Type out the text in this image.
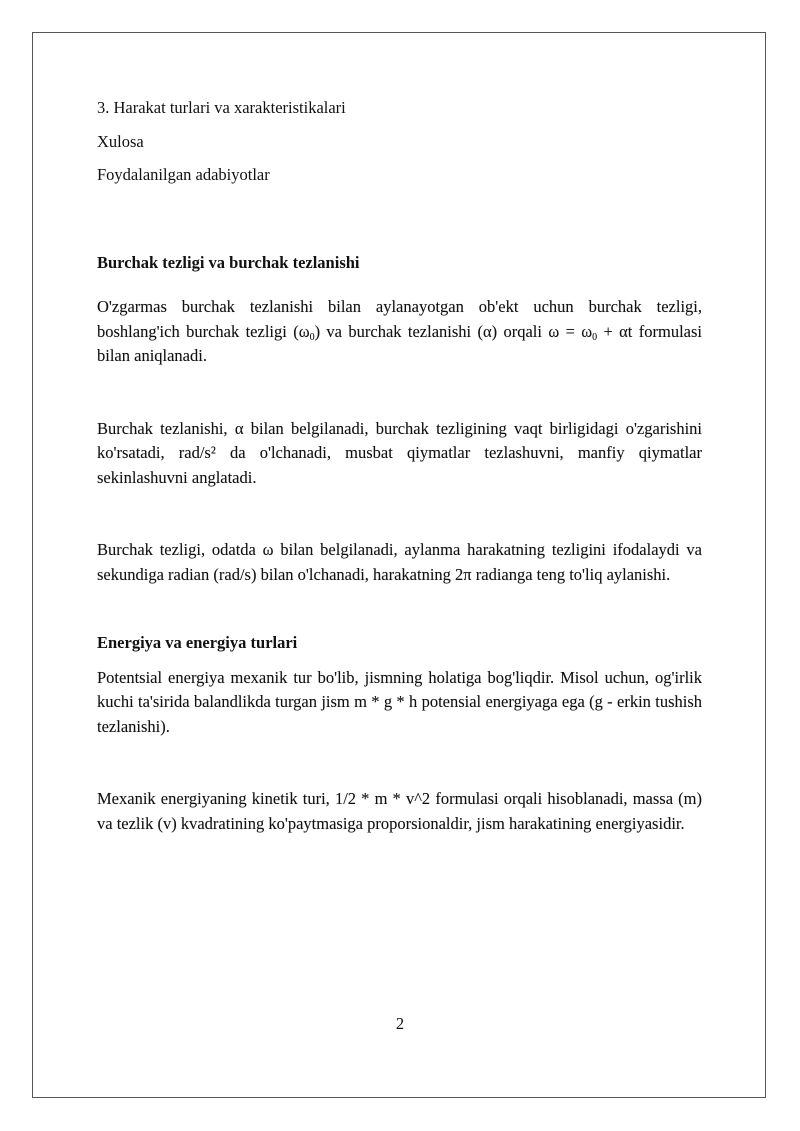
3. Harakat turlari va xarakteristikalari

Xulosa

Foydalanilgan adabiyotlar

Burchak tezligi va burchak tezlanishi

O'zgarmas burchak tezlanishi bilan aylanayotgan ob'ekt uchun burchak tezligi, boshlang'ich burchak tezligi $(\omega_0)$ va burchak tezlanishi (α) orqali $\omega = \omega_0 + \alpha t$ formulasi bilan aniqlanadi.

Burchak tezlanishi, α bilan belgilanadi, burchak tezligining vaqt birligidagi o'zgarishini ko'rsatadi, rad/s² da o'lchanadi, musbat qiymatlar tezlashuvni, manfiy qiymatlar sekinlashuvni anglatadi.

Burchak tezligi, odatda ω bilan belgilanadi, aylanma harakatning tezligini ifodalaydi va sekundiga radian (rad/s) bilan o'lchanadi, harakatning 2π radianga teng to'liq aylanishi.

Energiya va energiya turlari

Potentsial energiya mexanik tur bo'lib, jismning holatiga bog'liqdir. Misol uchun, og'irlik kuchi ta'sirida balandlikda turgan jism m * g * h potensial energiyaga ega (g - erkin tushish tezlanishi).

Mexanik energiyaning kinetik turi, 1/2 * m * v^2 formulasi orqali hisoblanadi, massa (m) va tezlik (v) kvadratining ko'paytmasiga proporsionaldir, jism harakatining energiyasidir.

2
